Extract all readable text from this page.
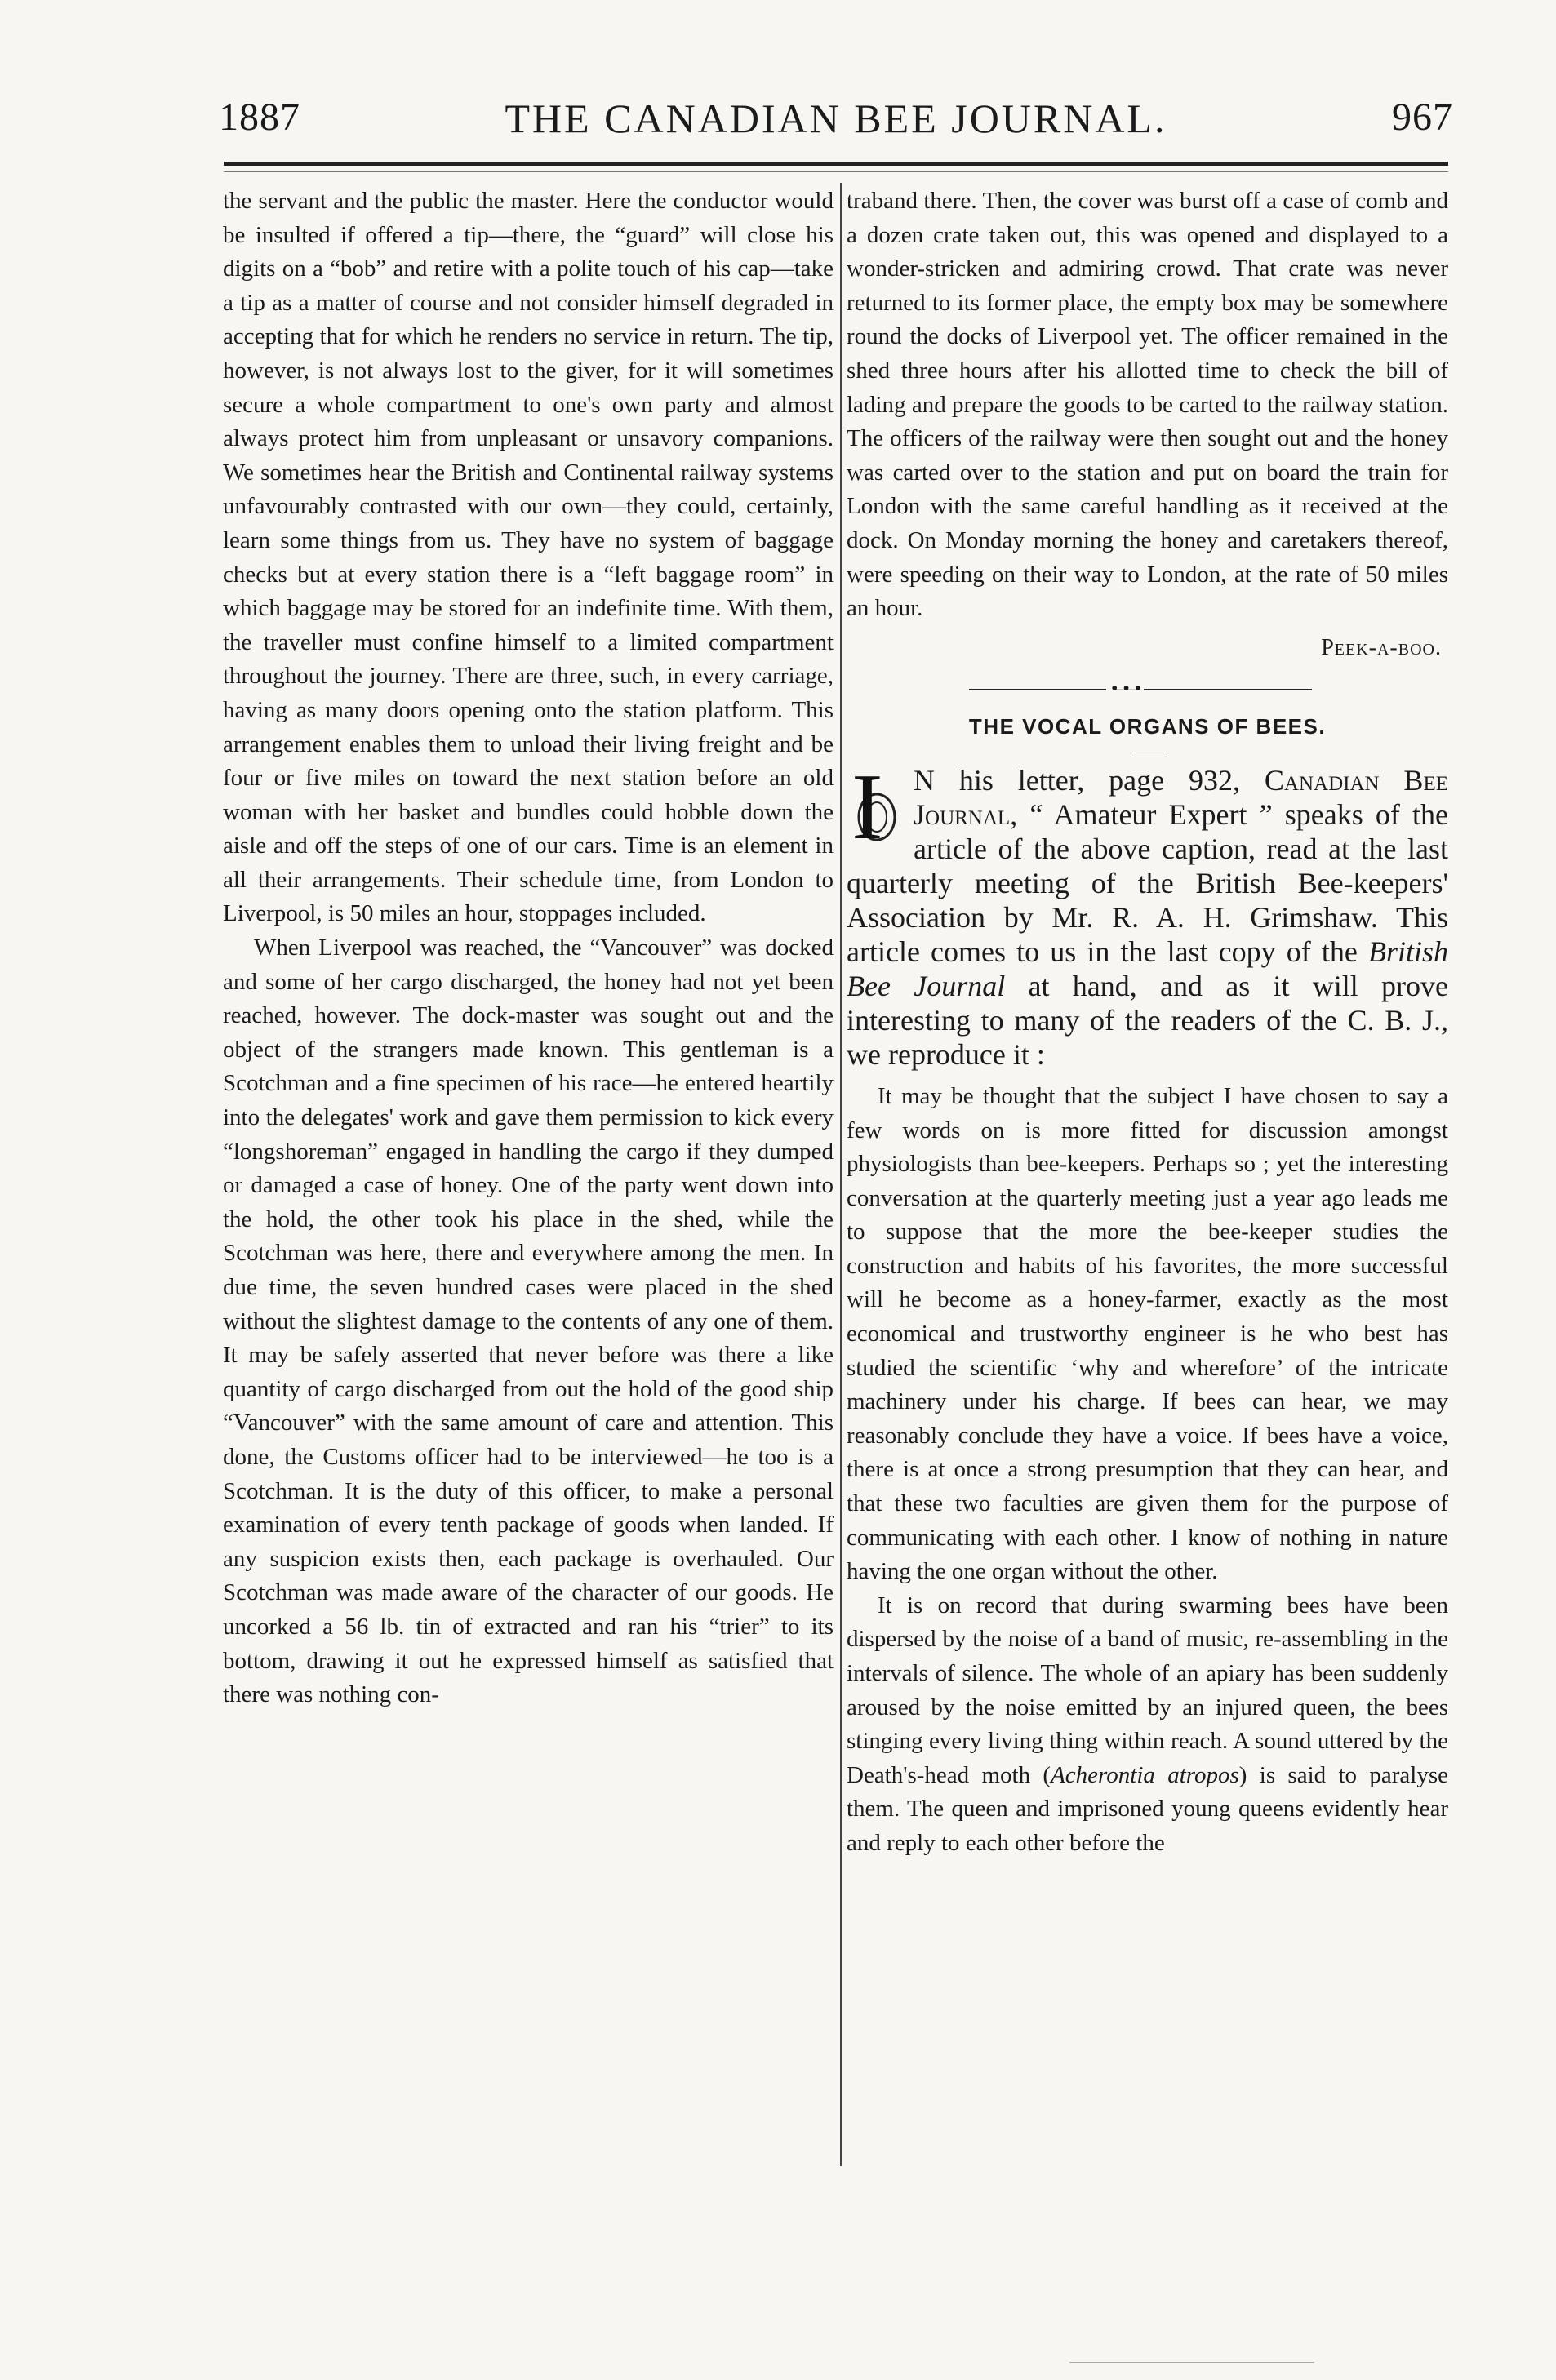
1887	THE CANADIAN BEE JOURNAL.	967

the servant and the public the master. Here the conductor would be insulted if offered a tip—there, the “guard” will close his digits on a “bob” and retire with a polite touch of his cap—take a tip as a matter of course and not consider himself degraded in accepting that for which he renders no service in return. The tip, however, is not always lost to the giver, for it will sometimes secure a whole compartment to one's own party and almost always protect him from unpleasant or unsavory companions. We sometimes hear the British and Continental railway systems unfavourably contrasted with our own—they could, certainly, learn some things from us. They have no system of baggage checks but at every station there is a “left baggage room” in which baggage may be stored for an indefinite time. With them, the traveller must confine himself to a limited compartment throughout the journey. There are three, such, in every carriage, having as many doors opening onto the station platform. This arrangement enables them to unload their living freight and be four or five miles on toward the next station before an old woman with her basket and bundles could hobble down the aisle and off the steps of one of our cars. Time is an element in all their arrangements. Their schedule time, from London to Liverpool, is 50 miles an hour, stoppages included.

When Liverpool was reached, the “Vancouver” was docked and some of her cargo discharged, the honey had not yet been reached, however. The dock-master was sought out and the object of the strangers made known. This gentleman is a Scotchman and a fine specimen of his race—he entered heartily into the delegates' work and gave them permission to kick every “longshoreman” engaged in handling the cargo if they dumped or damaged a case of honey. One of the party went down into the hold, the other took his place in the shed, while the Scotchman was here, there and everywhere among the men. In due time, the seven hundred cases were placed in the shed without the slightest damage to the contents of any one of them. It may be safely asserted that never before was there a like quantity of cargo discharged from out the hold of the good ship “Vancouver” with the same amount of care and attention. This done, the Customs officer had to be interviewed—he too is a Scotchman. It is the duty of this officer, to make a personal examination of every tenth package of goods when landed. If any suspicion exists then, each package is overhauled. Our Scotchman was made aware of the character of our goods. He uncorked a 56 lb. tin of extracted and ran his “trier” to its bottom, drawing it out he expressed himself as satisfied that there was nothing con-

traband there. Then, the cover was burst off a case of comb and a dozen crate taken out, this was opened and displayed to a wonder-stricken and admiring crowd. That crate was never returned to its former place, the empty box may be somewhere round the docks of Liverpool yet. The officer remained in the shed three hours after his allotted time to check the bill of lading and prepare the goods to be carted to the railway station. The officers of the railway were then sought out and the honey was carted over to the station and put on board the train for London with the same careful handling as it received at the dock. On Monday morning the honey and caretakers thereof, were speeding on their way to London, at the rate of 50 miles an hour.

Peek-a-boo.

•–•–•
THE VOCAL ORGANS OF BEES.

I N his letter, page 932, Canadian Bee Journal, “ Amateur Expert ” speaks of the article of the above caption, read at the last quarterly meeting of the British Bee-keepers' Association by Mr. R. A. H. Grimshaw. This article comes to us in the last copy of the British Bee Journal at hand, and as it will prove interesting to many of the readers of the C. B. J., we reproduce it :

It may be thought that the subject I have chosen to say a few words on is more fitted for discussion amongst physiologists than bee-keepers. Perhaps so ; yet the interesting conversation at the quarterly meeting just a year ago leads me to suppose that the more the bee-keeper studies the construction and habits of his favorites, the more successful will he become as a honey-farmer, exactly as the most economical and trustworthy engineer is he who best has studied the scientific ‘why and wherefore’ of the intricate machinery under his charge. If bees can hear, we may reasonably conclude they have a voice. If bees have a voice, there is at once a strong presumption that they can hear, and that these two faculties are given them for the purpose of communicating with each other. I know of nothing in nature having the one organ without the other.

It is on record that during swarming bees have been dispersed by the noise of a band of music, re-assembling in the intervals of silence. The whole of an apiary has been suddenly aroused by the noise emitted by an injured queen, the bees stinging every living thing within reach. A sound uttered by the Death's-head moth (Acherontia atropos) is said to paralyse them. The queen and imprisoned young queens evidently hear and reply to each other before the
